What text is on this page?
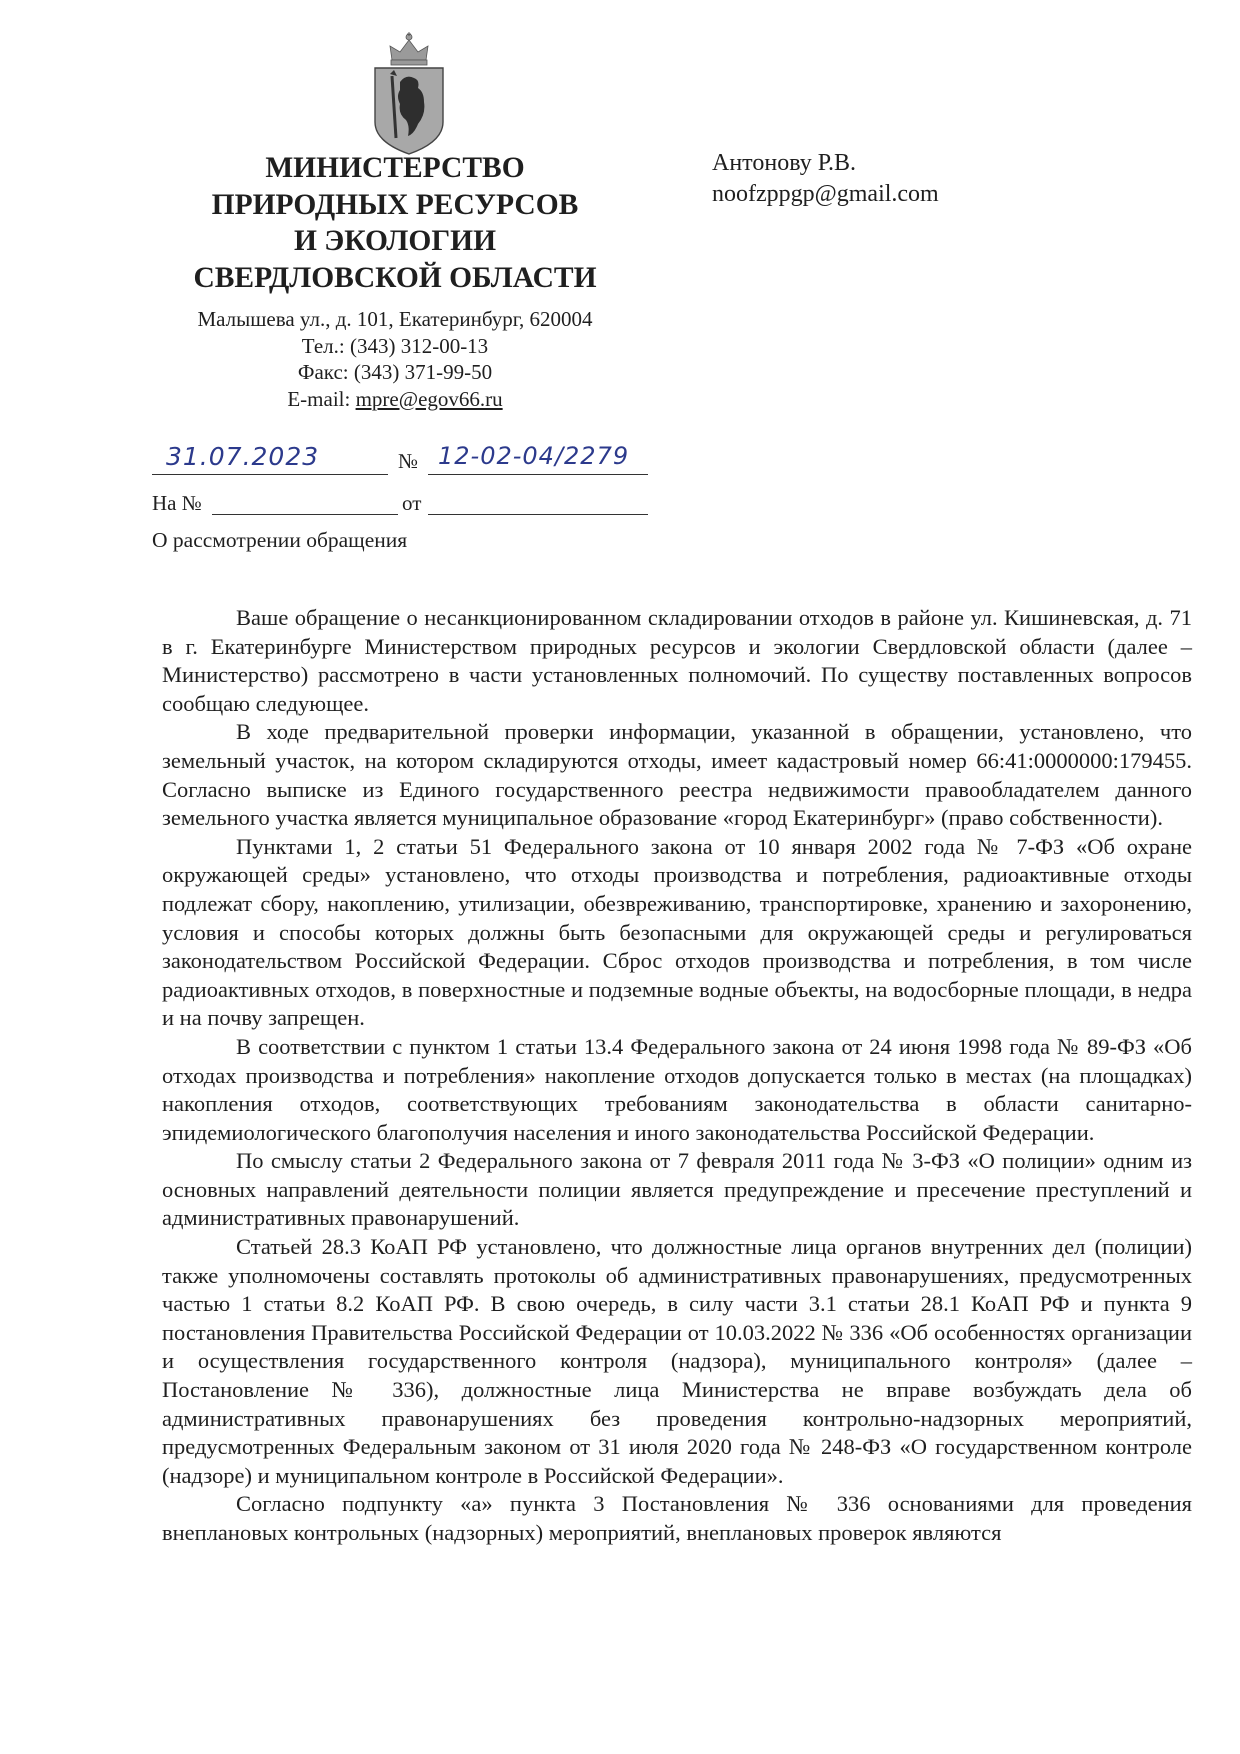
МИНИСТЕРСТВО
ПРИРОДНЫХ РЕСУРСОВ
И ЭКОЛОГИИ
СВЕРДЛОВСКОЙ ОБЛАСТИ
Малышева ул., д. 101, Екатеринбург, 620004
Тел.: (343) 312-00-13
Факс: (343) 371-99-50
E-mail: mpre@egov66.ru
Антонову Р.В.
noofzppgp@gmail.com
31.07.2023	№ 12-02-04/2279
На №	от
О рассмотрении обращения

Ваше обращение о несанкционированном складировании отходов в районе ул. Кишиневская, д. 71 в г. Екатеринбурге Министерством природных ресурсов и экологии Свердловской области (далее – Министерство) рассмотрено в части установленных полномочий. По существу поставленных вопросов сообщаю следующее.

В ходе предварительной проверки информации, указанной в обращении, установлено, что земельный участок, на котором складируются отходы, имеет кадастровый номер 66:41:0000000:179455. Согласно выписке из Единого государственного реестра недвижимости правообладателем данного земельного участка является муниципальное образование «город Екатеринбург» (право собственности).

Пунктами 1, 2 статьи 51 Федерального закона от 10 января 2002 года № 7-ФЗ «Об охране окружающей среды» установлено, что отходы производства и потребления, радиоактивные отходы подлежат сбору, накоплению, утилизации, обезвреживанию, транспортировке, хранению и захоронению, условия и способы которых должны быть безопасными для окружающей среды и регулироваться законодательством Российской Федерации. Сброс отходов производства и потребления, в том числе радиоактивных отходов, в поверхностные и подземные водные объекты, на водосборные площади, в недра и на почву запрещен.

В соответствии с пунктом 1 статьи 13.4 Федерального закона от 24 июня 1998 года № 89-ФЗ «Об отходах производства и потребления» накопление отходов допускается только в местах (на площадках) накопления отходов, соответствующих требованиям законодательства в области санитарно-эпидемиологического благополучия населения и иного законодательства Российской Федерации.

По смыслу статьи 2 Федерального закона от 7 февраля 2011 года № 3-ФЗ «О полиции» одним из основных направлений деятельности полиции является предупреждение и пресечение преступлений и административных правонарушений.

Статьей 28.3 КоАП РФ установлено, что должностные лица органов внутренних дел (полиции) также уполномочены составлять протоколы об административных правонарушениях, предусмотренных частью 1 статьи 8.2 КоАП РФ. В свою очередь, в силу части 3.1 статьи 28.1 КоАП РФ и пункта 9 постановления Правительства Российской Федерации от 10.03.2022 № 336 «Об особенностях организации и осуществления государственного контроля (надзора), муниципального контроля» (далее – Постановление № 336), должностные лица Министерства не вправе возбуждать дела об административных правонарушениях без проведения контрольно-надзорных мероприятий, предусмотренных Федеральным законом от 31 июля 2020 года № 248-ФЗ «О государственном контроле (надзоре) и муниципальном контроле в Российской Федерации».

Согласно подпункту «а» пункта 3 Постановления № 336 основаниями для проведения внеплановых контрольных (надзорных) мероприятий, внеплановых проверок являются
